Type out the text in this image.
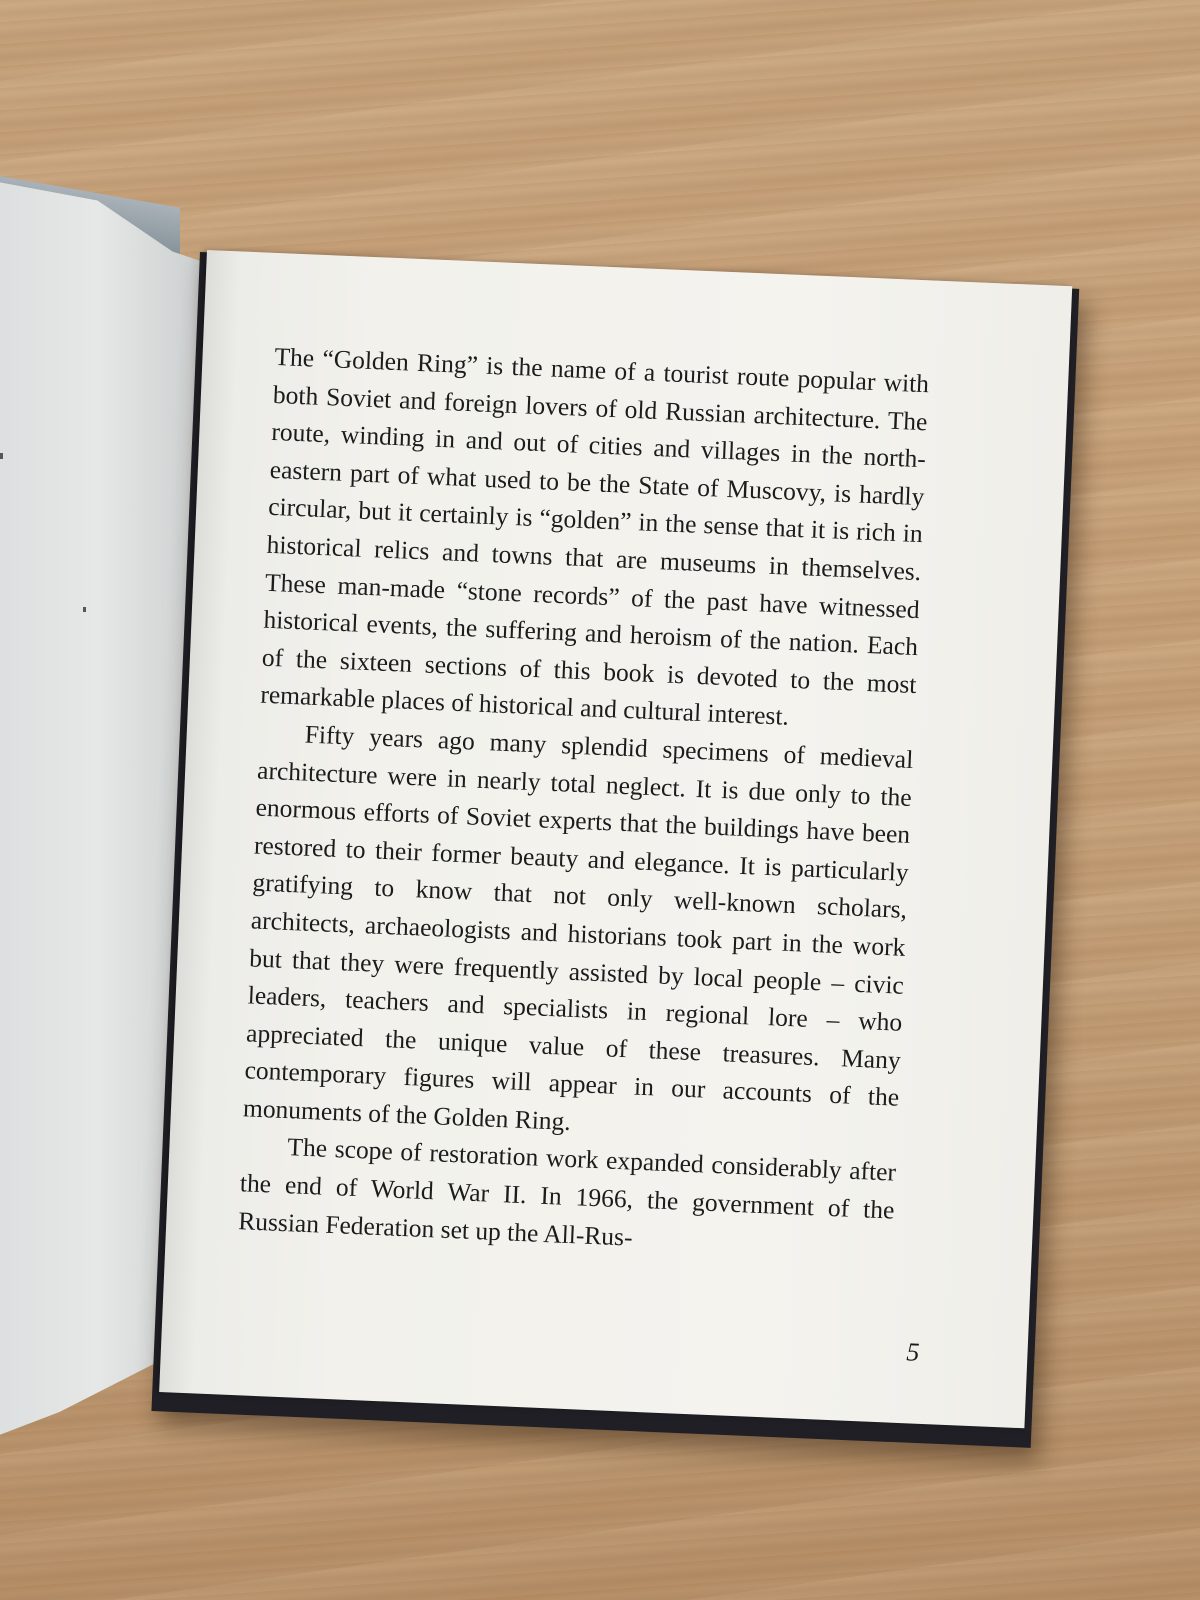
The “Golden Ring” is the name of a tourist route popular with both Soviet and foreign lovers of old Russian architecture. The route, winding in and out of cities and villages in the north-eastern part of what used to be the State of Muscovy, is hardly circular, but it certainly is “golden” in the sense that it is rich in historical relics and towns that are museums in themselves. These man-made “stone records” of the past have witnessed historical events, the suffering and heroism of the nation. Each of the sixteen sections of this book is devoted to the most remarkable places of historical and cultural interest.

Fifty years ago many splendid specimens of medieval architecture were in nearly total neglect. It is due only to the enormous efforts of Soviet experts that the buildings have been restored to their former beauty and elegance. It is particularly gratifying to know that not only well-known scholars, architects, archaeologists and historians took part in the work but that they were frequently assisted by local people – civic leaders, teachers and specialists in regional lore – who appreciated the unique value of these treasures. Many contemporary figures will appear in our accounts of the monuments of the Golden Ring.

The scope of restoration work expanded considerably after the end of World War II. In 1966, the government of the Russian Federation set up the All-Rus-

5
